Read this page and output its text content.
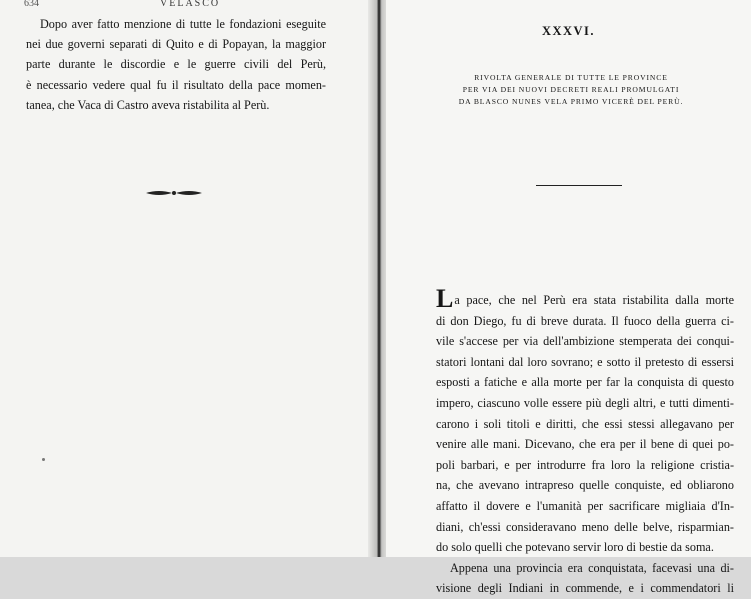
634	VELASCO
Dopo aver fatto menzione di tutte le fondazioni eseguite
nei due governi separati di Quito e di Popayan, la maggior
parte durante le discordie e le guerre civili del Perù,
è necessario vedere qual fu il risultato della pace momen-
tanea, che Vaca di Castro aveva ristabilita al Perù.
XXXVI.
RIVOLTA GENERALE DI TUTTE LE PROVINCE
PER VIA DEI NUOVI DECRETI REALI PROMULGATI
DA BLASCO NUNES VELA PRIMO VICERÈ DEL PERÙ.
La pace, che nel Perù era stata ristabilita dalla morte
di don Diego, fu di breve durata. Il fuoco della guerra ci-
vile s'accese per via dell'ambizione stemperata dei conqui-
statori lontani dal loro sovrano; e sotto il pretesto di essersi
esposti a fatiche e alla morte per far la conquista di questo
impero, ciascuno volle essere più degli altri, e tutti dimenti-
carono i soli titoli e diritti, che essi stessi allegavano per
venire alle mani. Dicevano, che era per il bene di quei po-
poli barbari, e per introdurre fra loro la religione cristia-
na, che avevano intrapreso quelle conquiste, ed obliarono
affatto il dovere e l'umanità per sacrificare migliaia d'In-
diani, ch'essi consideravano meno delle belve, risparmian-
do solo quelli che potevano servir loro di bestie da soma.
Appena una provincia era conquistata, facevasi una di-
visione degli Indiani in commende, e i commendatori li
